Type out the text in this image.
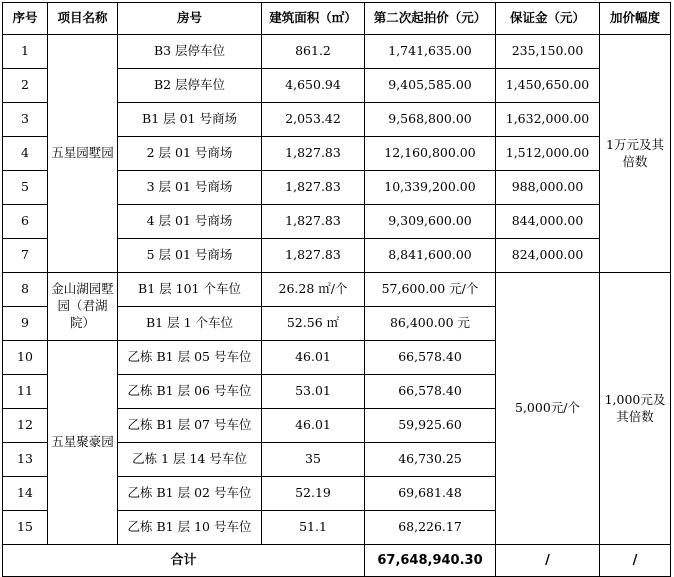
序号	项目名称	房号	建筑面积（㎡）	第二次起拍价（元）	保证金（元）	加价幅度
1	五星园墅园	B3 层停车位	861.2	1,741,635.00	235,150.00	1万元及其倍数
2		B2 层停车位	4,650.94	9,405,585.00	1,450,650.00	
3		B1 层 01 号商场	2,053.42	9,568,800.00	1,632,000.00	
4		2 层 01 号商场	1,827.83	12,160,800.00	1,512,000.00	
5		3 层 01 号商场	1,827.83	10,339,200.00	988,000.00	
6		4 层 01 号商场	1,827.83	9,309,600.00	844,000.00	
7		5 层 01 号商场	1,827.83	8,841,600.00	824,000.00	
8	金山湖园墅园（君湖院）	B1 层 101 个车位	26.28 ㎡/个	57,600.00 元/个	5,000元/个	1,000元及其倍数
9		B1 层 1 个车位	52.56 ㎡	86,400.00 元		
10	五星聚豪园	乙栋 B1 层 05 号车位	46.01	66,578.40		
11		乙栋 B1 层 06 号车位	53.01	66,578.40		
12		乙栋 B1 层 07 号车位	46.01	59,925.60		
13		乙栋 1 层 14 号车位	35	46,730.25		
14		乙栋 B1 层 02 号车位	52.19	69,681.48		
15		乙栋 B1 层 10 号车位	51.1	68,226.17		
合计				67,648,940.30	/	/
